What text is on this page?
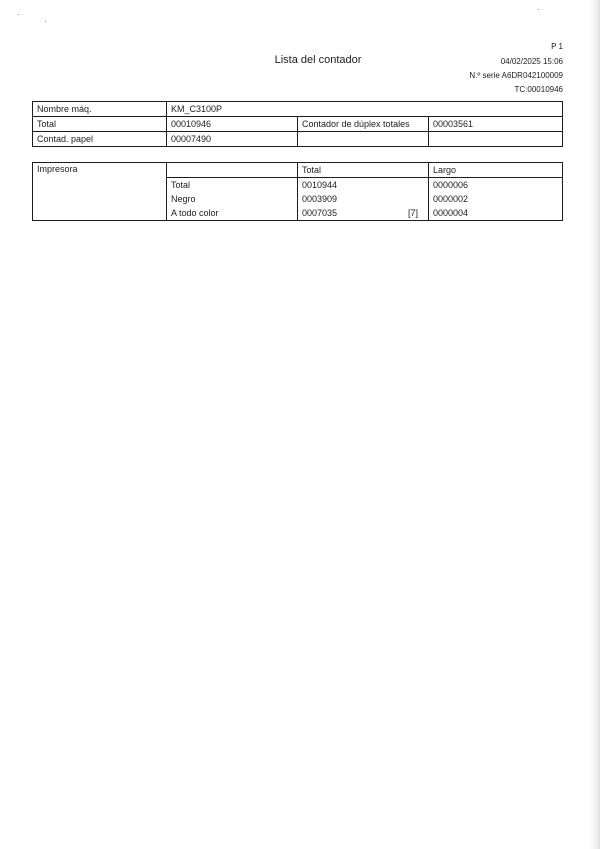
Lista del contador
P 1
04/02/2025 15:06
N.º serie A6DR042100009
TC:00010946
Nombre máq.	KM_C3100P		
Total	00010946	Contador de dúplex totales	00003561
Contad. papel	00007490		
Impresora		Total	Largo
	Total	0010944	0000006
	Negro	0003909	0000002
	A todo color	0007035 [7]	0000004
